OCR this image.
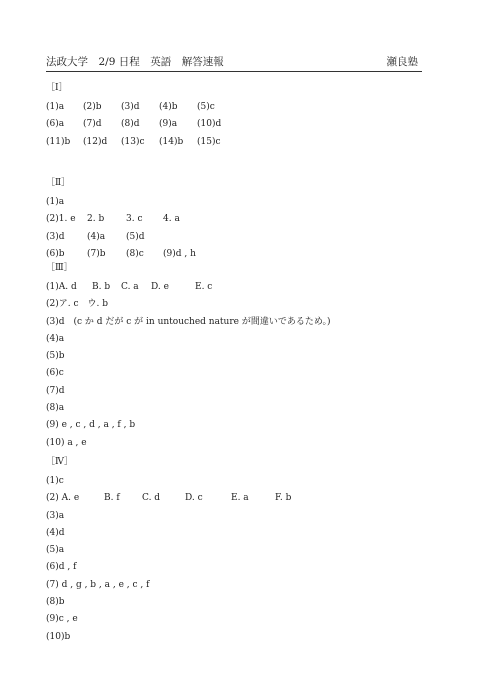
法政大学　2/9 日程　英語　解答速報	瀬良塾
［Ⅰ］
(1)a (2)b (3)d (4)b (5)c
(6)a (7)d (8)d (9)a (10)d
(11)b (12)d (13)c (14)b (15)c
［Ⅱ］
(1)a
(2)1. e 2. b 3. c 4. a
(3)d (4)a (5)d
(6)b (7)b (8)c (9)d , h
［Ⅲ］
(1)A. d B. b C. a D. e	E. c
(2)ア. c　ウ. b
(3)d　(c か d だが c が in untouched nature が間違いであるため。)
(4)a
(5)b
(6)c
(7)d
(8)a
(9) e , c , d , a , f , b
(10) a , e
［Ⅳ］
(1)c
(2) A. e	B. f C. d	D. c	E. a	F. b
(3)a
(4)d
(5)a
(6)d , f
(7) d , g , b , a , e , c , f
(8)b
(9)c , e
(10)b
